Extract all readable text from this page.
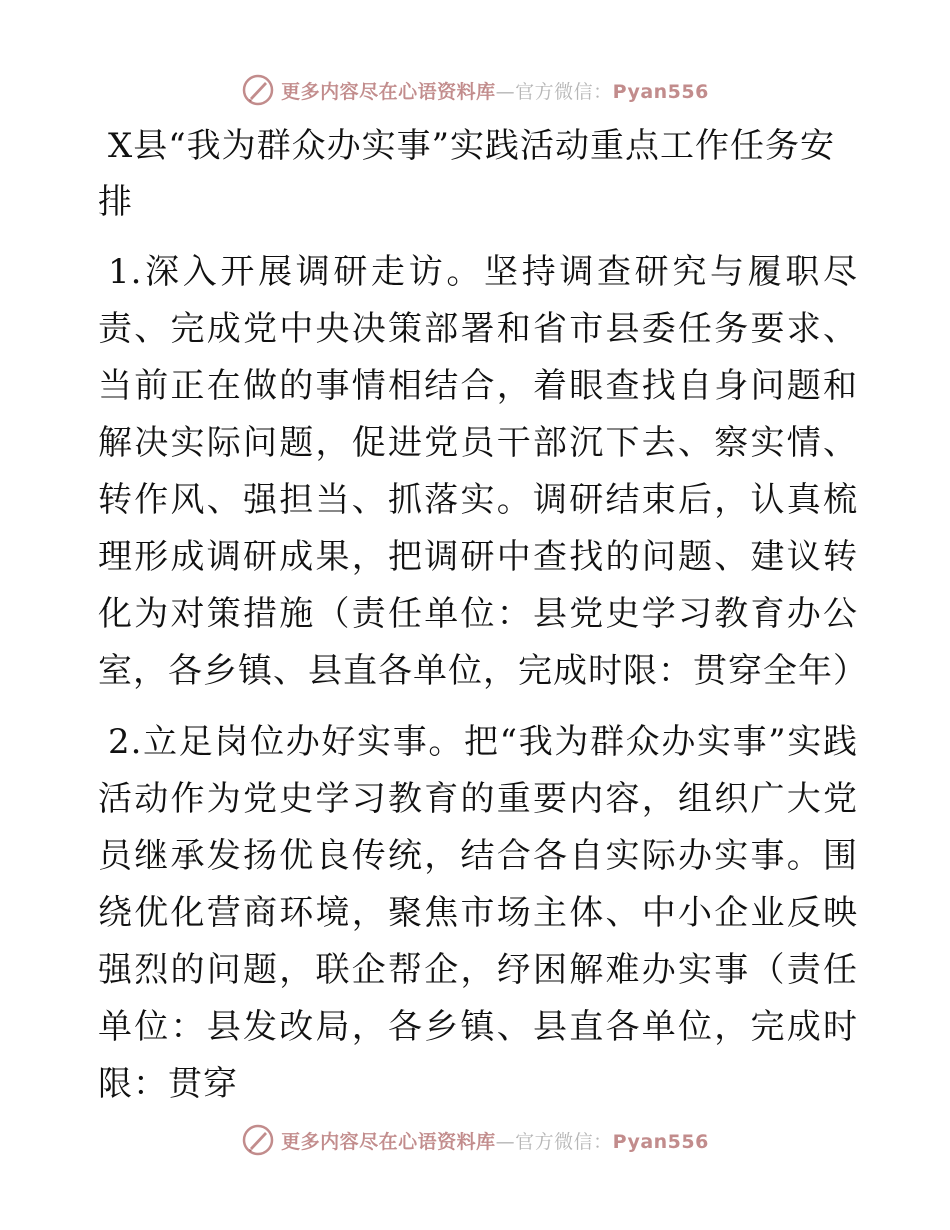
更多内容尽在心语资料库—官方微信：Pyan556
X县“我为群众办实事”实践活动重点工作任务安排

1.深入开展调研走访。坚持调查研究与履职尽责、完成党中央决策部署和省市县委任务要求、当前正在做的事情相结合，着眼查找自身问题和解决实际问题，促进党员干部沉下去、察实情、转作风、强担当、抓落实。调研结束后，认真梳理形成调研成果，把调研中查找的问题、建议转化为对策措施（责任单位：县党史学习教育办公室，各乡镇、县直各单位，完成时限：贯穿全年）

2.立足岗位办好实事。把“我为群众办实事”实践活动作为党史学习教育的重要内容，组织广大党员继承发扬优良传统，结合各自实际办实事。围绕优化营商环境，聚焦市场主体、中小企业反映强烈的问题，联企帮企，纾困解难办实事（责任单位：县发改局，各乡镇、县直各单位，完成时限：贯穿

更多内容尽在心语资料库—官方微信：Pyan556
